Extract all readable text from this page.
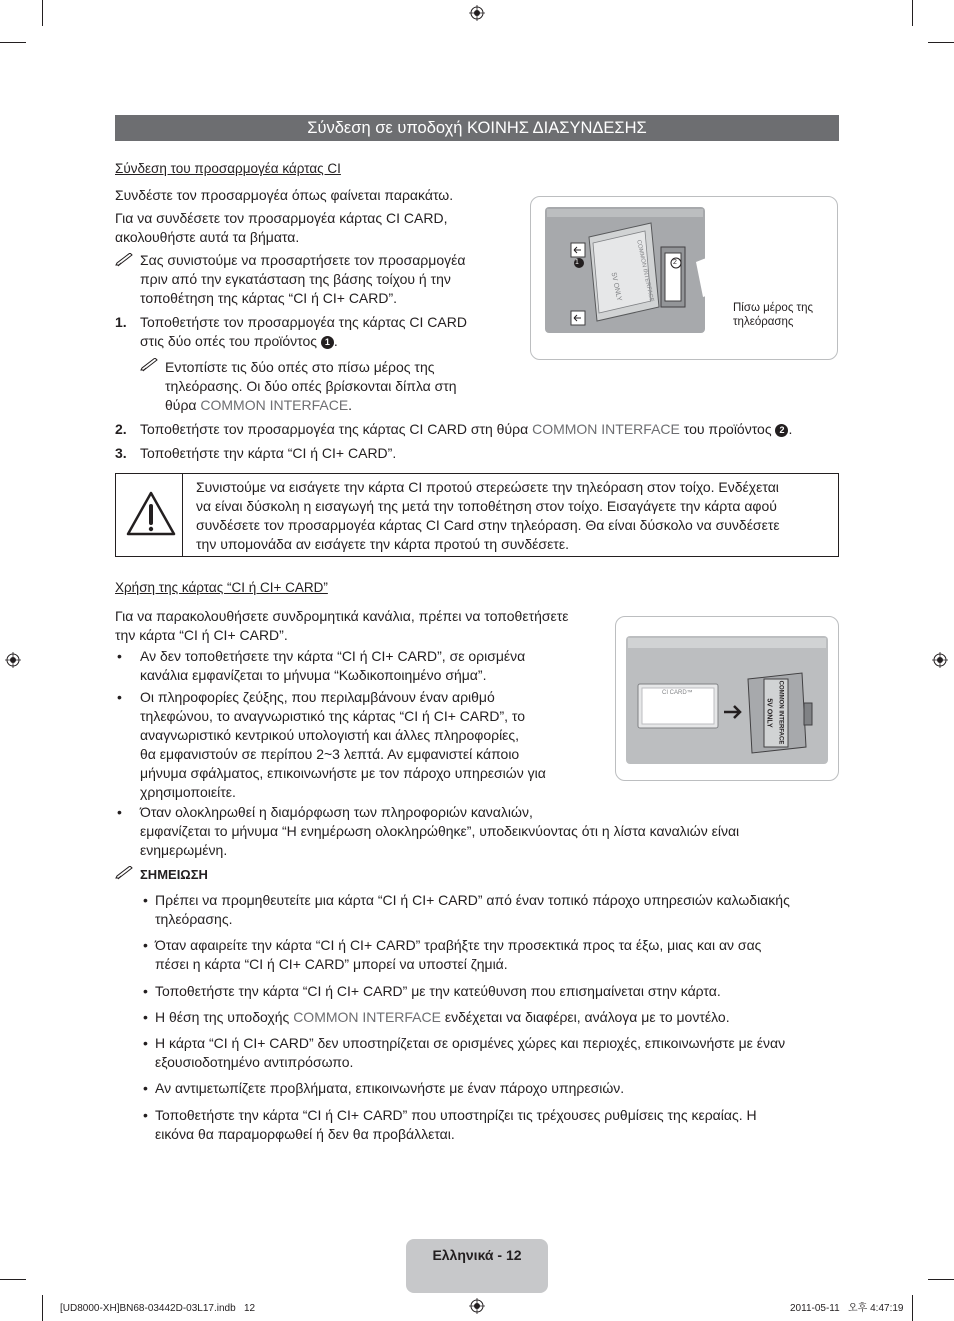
Σύνδεση σε υποδοχή ΚΟΙΝΗΣ ΔΙΑΣΥΝΔΕΣΗΣ
Σύνδεση του προσαρμογέα κάρτας CI
Συνδέστε τον προσαρμογέα όπως φαίνεται παρακάτω.
Για να συνδέσετε τον προσαρμογέα κάρτας CI CARD,
ακολουθήστε αυτά τα βήματα.
Σας συνιστούμε να προσαρτήσετε τον προσαρμογέα
πριν από την εγκατάσταση της βάσης τοίχου ή την
τοποθέτηση της κάρτας “CI ή CI+ CARD”.
1. Τοποθετήστε τον προσαρμογέα της κάρτας CI CARD
στις δύο οπές του προϊόντος 1 .
Εντοπίστε τις δύο οπές στο πίσω μέρος της
τηλεόρασης. Οι δύο οπές βρίσκονται δίπλα στη
θύρα COMMON INTERFACE.
2. Τοποθετήστε τον προσαρμογέα της κάρτας CI CARD στη θύρα COMMON INTERFACE του προϊόντος 2 .
3. Τοποθετήστε την κάρτα “CI ή CI+ CARD”.
1	2
COMMON INTERFACE
5V ONLY
Πίσω μέρος της
τηλεόρασης
Συνιστούμε να εισάγετε την κάρτα CI προτού στερεώσετε την τηλεόραση στον τοίχο. Ενδέχεται
να είναι δύσκολη η εισαγωγή της μετά την τοποθέτηση στον τοίχο. Εισαγάγετε την κάρτα αφού
συνδέσετε τον προσαρμογέα κάρτας CI Card στην τηλεόραση. Θα είναι δύσκολο να συνδέσετε
την υπομονάδα αν εισάγετε την κάρτα προτού τη συνδέσετε.
Χρήση της κάρτας “CI ή CI+ CARD”
Για να παρακολουθήσετε συνδρομητικά κανάλια, πρέπει να τοποθετήσετε
την κάρτα “CI ή CI+ CARD”.
• Αν δεν τοποθετήσετε την κάρτα “CI ή CI+ CARD”, σε ορισμένα
κανάλια εμφανίζεται το μήνυμα “Κωδικοποιημένο σήμα”.
• Οι πληροφορίες ζεύξης, που περιλαμβάνουν έναν αριθμό
τηλεφώνου, το αναγνωριστικό της κάρτας “CI ή CI+ CARD”, το
αναγνωριστικό κεντρικού υπολογιστή και άλλες πληροφορίες,
θα εμφανιστούν σε περίπου 2~3 λεπτά. Αν εμφανιστεί κάποιο
μήνυμα σφάλματος, επικοινωνήστε με τον πάροχο υπηρεσιών για
χρησιμοποιείτε.
• Όταν ολοκληρωθεί η διαμόρφωση των πληροφοριών καναλιών,
εμφανίζεται το μήνυμα “Η ενημέρωση ολοκληρώθηκε”, υποδεικνύοντας ότι η λίστα καναλιών είναι
ενημερωμένη.
CI CARD™	COMMON INTERFACE
5V ONLY
ΣΗΜΕΙΩΣΗ
• Πρέπει να προμηθευτείτε μια κάρτα “CI ή CI+ CARD” από έναν τοπικό πάροχο υπηρεσιών καλωδιακής
τηλεόρασης.
• Όταν αφαιρείτε την κάρτα “CI ή CI+ CARD” τραβήξτε την προσεκτικά προς τα έξω, μιας και αν σας
πέσει η κάρτα “CI ή CI+ CARD” μπορεί να υποστεί ζημιά.
• Τοποθετήστε την κάρτα “CI ή CI+ CARD” με την κατεύθυνση που επισημαίνεται στην κάρτα.
• Η θέση της υποδοχής COMMON INTERFACE ενδέχεται να διαφέρει, ανάλογα με το μοντέλο.
• Η κάρτα “CI ή CI+ CARD” δεν υποστηρίζεται σε ορισμένες χώρες και περιοχές, επικοινωνήστε με έναν
εξουσιοδοτημένο αντιπρόσωπο.
• Αν αντιμετωπίζετε προβλήματα, επικοινωνήστε με έναν πάροχο υπηρεσιών.
• Τοποθετήστε την κάρτα “CI ή CI+ CARD” που υποστηρίζει τις τρέχουσες ρυθμίσεις της κεραίας. Η
εικόνα θα παραμορφωθεί ή δεν θα προβάλλεται.
Ελληνικά - 12
[UD8000-XH]BN68-03442D-03L17.indb   12	2011-05-11   오후 4:47:19
